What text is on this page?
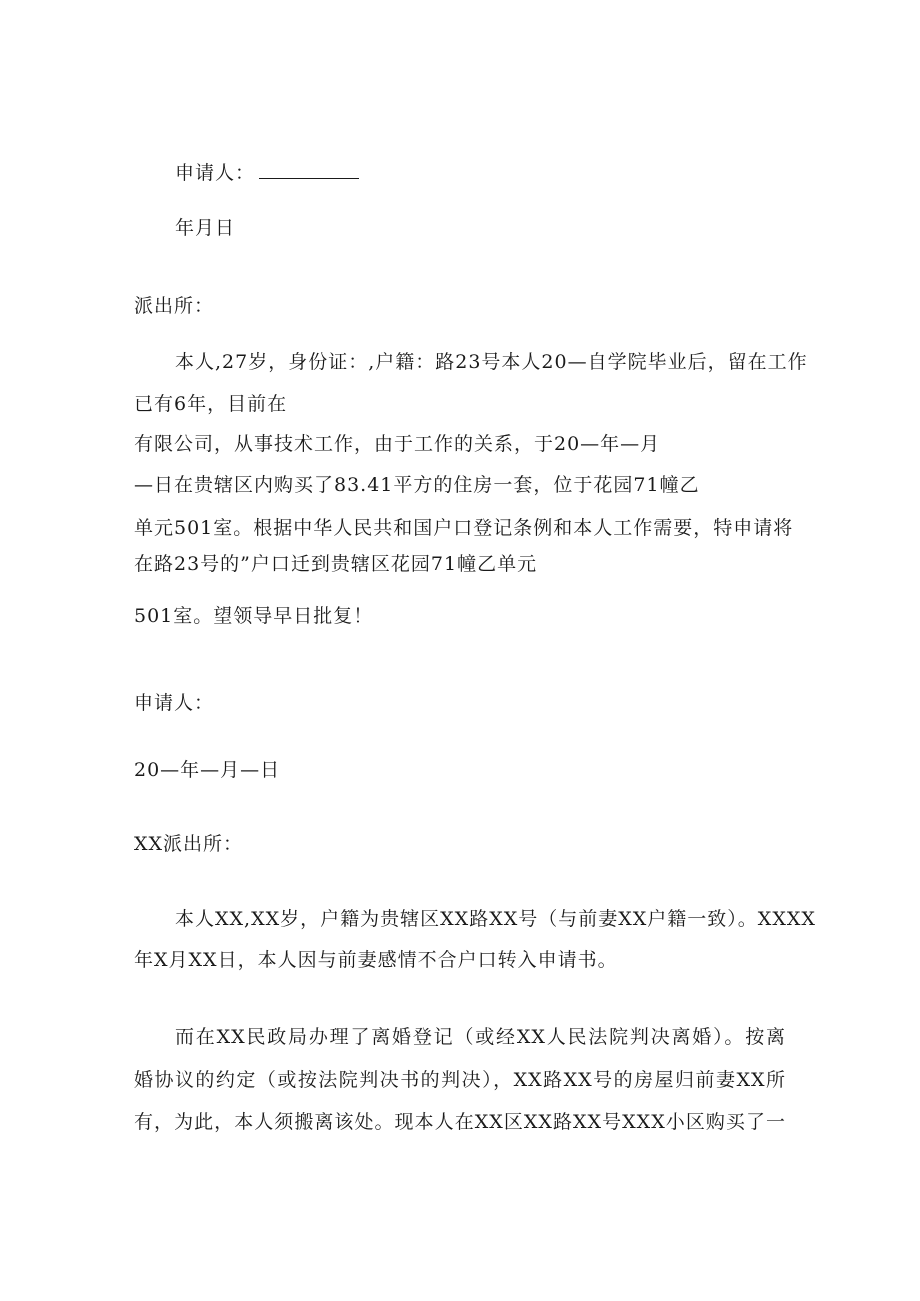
申请人：
年月日
派出所：
本人,27岁，身份证：,户籍：路23号本人20—自学院毕业后，留在工作
已有6年，目前在
有限公司，从事技术工作，由于工作的关系，于20—年—月
—日在贵辖区内购买了83.41平方的住房一套，位于花园71幢乙
单元501室。根据中华人民共和国户口登记条例和本人工作需要，特申请将
在路23号的”户口迁到贵辖区花园71幢乙单元
501室。望领导早日批复！
申请人：
20—年—月—日
XX派出所：
本人XX,XX岁，户籍为贵辖区XX路XX号（与前妻XX户籍一致）。XXXX
年X月XX日，本人因与前妻感情不合户口转入申请书。
而在XX民政局办理了离婚登记（或经XX人民法院判决离婚）。按离
婚协议的约定（或按法院判决书的判决），XX路XX号的房屋归前妻XX所
有，为此，本人须搬离该处。现本人在XX区XX路XX号XXX小区购买了一
